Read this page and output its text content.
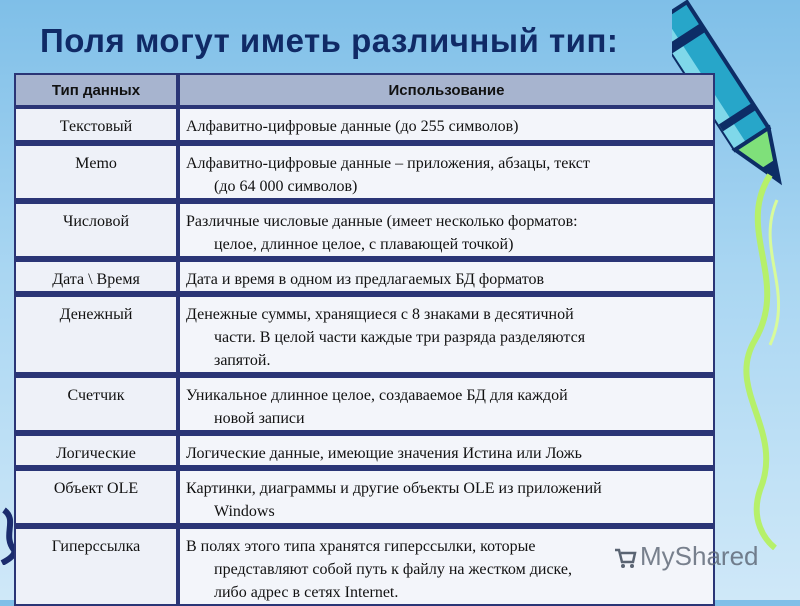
Поля могут иметь различный тип:
Тип данных	Использование
Текстовый	Алфавитно-цифровые данные (до 255 символов)
Memo	Алфавитно-цифровые данные – приложения, абзацы, текст
(до 64 000 символов)

Числовой	Различные числовые данные (имеет несколько форматов:
целое, длинное целое, с плавающей точкой)

Дата \ Время	Дата и время в одном из предлагаемых БД форматов
Денежный	Денежные суммы, хранящиеся с 8 знаками в десятичной
части. В целой части каждые три разряда разделяются
запятой.

Счетчик	Уникальное длинное целое, создаваемое БД для каждой
новой записи

Логические	Логические данные, имеющие значения Истина или Ложь
Объект OLE	Картинки, диаграммы и другие объекты OLE из приложений
Windows

Гиперссылка	В полях этого типа хранятся гиперссылки, которые
представляют собой путь к файлу на жестком диске,
либо адрес в сетях Internet.
MyShared
